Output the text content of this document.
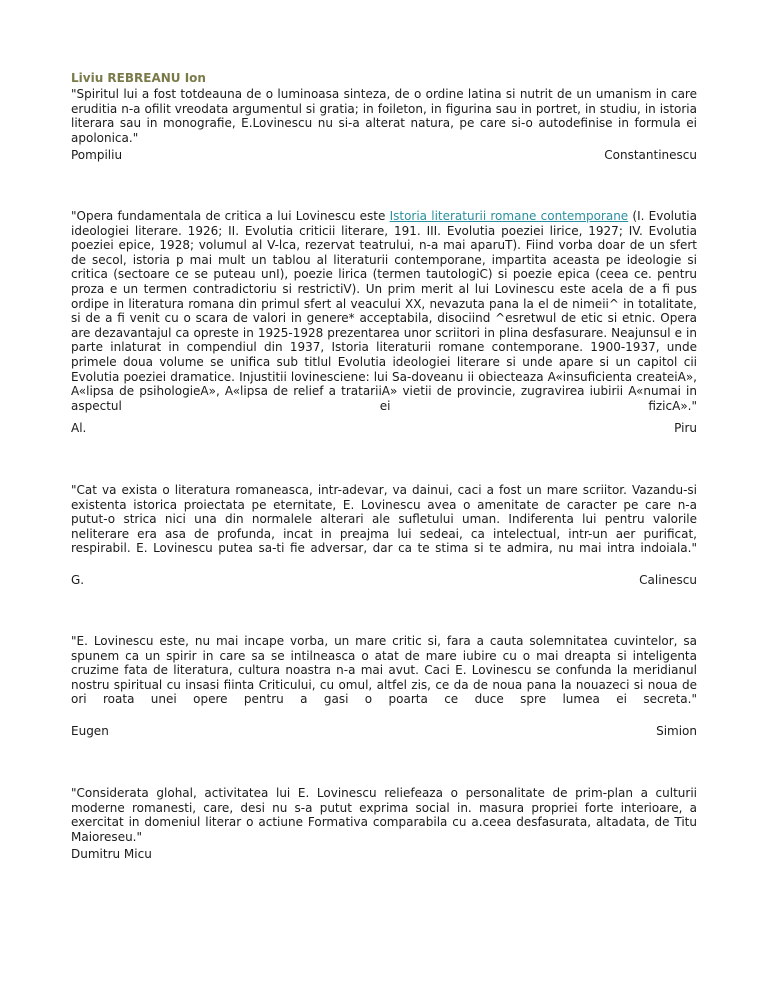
Liviu REBREANU Ion
"Spiritul lui a fost totdeauna de o luminoasa sinteza, de o ordine latina si nutrit de un umanism in care eruditia n-a ofilit vreodata argumentul si gratia; in foileton, in figurina sau in portret, in studiu, in istoria literara sau in monografie, E.Lovinescu nu si-a alterat natura, pe care si-o autodefinise in formula ei apolonica."
Pompiliu	Constantinescu
"Opera fundamentala de critica a lui Lovinescu este Istoria literaturii romane contemporane (I. Evolutia ideologiei literare. 1926; II. Evolutia criticii literare, 191. III. Evolutia poeziei lirice, 1927; IV. Evolutia poeziei epice, 1928; volumul al V-lca, rezervat teatrului, n-a mai aparuT). Fiind vorba doar de un sfert de secol, istoria p mai mult un tablou al literaturii contemporane, impartita aceasta pe ideologie si critica (sectoare ce se puteau unI), poezie lirica (termen tautologiC) si poezie epica (ceea ce. pentru proza e un termen contradictoriu si restrictiV). Un prim merit al lui Lovinescu este acela de a fi pus ordipe in literatura romana din primul sfert al veacului XX, nevazuta pana la el de nimeii^ in totalitate, si de a fi venit cu o scara de valori in genere* acceptabila, disociind ^esretwul de etic si etnic. Opera are dezavantajul ca opreste in 1925-1928 prezentarea unor scriitori in plina desfasurare. Neajunsul e in parte inlaturat in compendiul din 1937, Istoria literaturii romane contemporane. 1900-1937, unde primele doua volume se unifica sub titlul Evolutia ideologiei literare si unde apare si un capitol cii Evolutia poeziei dramatice. Injustitii lovinesciene: lui Sa-doveanu ii obiecteaza A«insuficienta createiA», A«lipsa de psihologieA», A«lipsa de relief a tratariiA» vietii de provincie, zugravirea iubirii A«numai in aspectul ei fizicA»."
Al.	Piru
"Cat va exista o literatura romaneasca, intr-adevar, va dainui, caci a fost un mare scriitor. Vazandu-si existenta istorica proiectata pe eternitate, E. Lovinescu avea o amenitate de caracter pe care n-a putut-o strica nici una din normalele alterari ale sufletului uman. Indiferenta lui pentru valorile neliterare era asa de profunda, incat in preajma lui sedeai, ca intelectual, intr-un aer purificat, respirabil. E. Lovinescu putea sa-ti fie adversar, dar ca te stima si te admira, nu mai intra indoiala."
G.	Calinescu
"E. Lovinescu este, nu mai incape vorba, un mare critic si, fara a cauta solemnitatea cuvintelor, sa spunem ca un spirir in care sa se intilneasca o atat de mare iubire cu o mai dreapta si inteligenta cruzime fata de literatura, cultura noastra n-a mai avut. Caci E. Lovinescu se confunda la meridianul nostru spiritual cu insasi fiinta Criticului, cu omul, altfel zis, ce da de noua pana la nouazeci si noua de ori roata unei opere pentru a gasi o poarta ce duce spre lumea ei secreta."
Eugen	Simion
"Considerata glohal, activitatea lui E. Lovinescu reliefeaza o personalitate de prim-plan a culturii moderne romanesti, care, desi nu s-a putut exprima social in. masura propriei forte interioare, a exercitat in domeniul literar o actiune Formativa comparabila cu a.ceea desfasurata, altadata, de Titu Maioreseu."
Dumitru Micu
